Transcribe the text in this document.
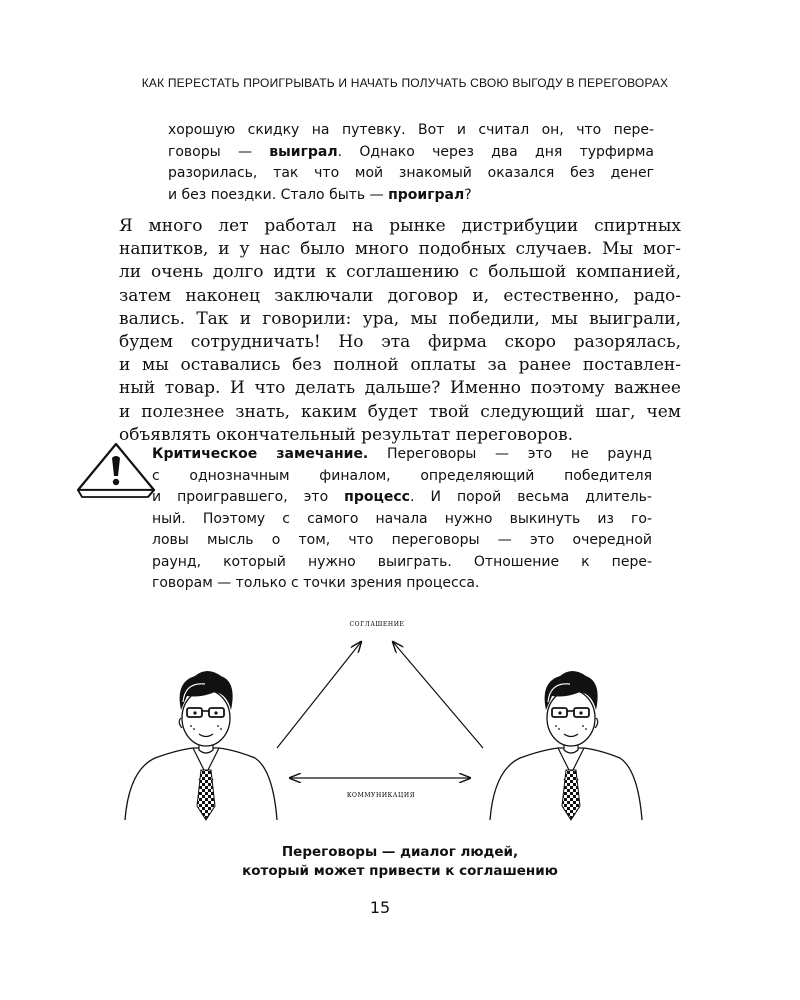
КАК ПЕРЕСТАТЬ ПРОИГРЫВАТЬ И НАЧАТЬ ПОЛУЧАТЬ СВОЮ ВЫГОДУ В ПЕРЕГОВОРАХ
хорошую скидку на путевку. Вот и считал он, что пере-
говоры — выиграл. Однако через два дня турфирма
разорилась, так что мой знакомый оказался без денег
и без поездки. Стало быть — проиграл?
Я много лет работал на рынке дистрибуции спиртных
напитков, и у нас было много подобных случаев. Мы мог-
ли очень долго идти к соглашению с большой компанией,
затем наконец заключали договор и, естественно, радо-
вались. Так и говорили: ура, мы победили, мы выиграли,
будем сотрудничать! Но эта фирма скоро разорялась,
и мы оставались без полной оплаты за ранее поставлен-
ный товар. И что делать дальше? Именно поэтому важнее
и полезнее знать, каким будет твой следующий шаг, чем
объявлять окончательный результат переговоров.
Критическое замечание. Переговоры — это не раунд
с однозначным финалом, определяющий победителя
и проигравшего, это процесс. И порой весьма длитель-
ный. Поэтому с самого начала нужно выкинуть из го-
ловы мысль о том, что переговоры — это очередной
раунд, который нужно выиграть. Отношение к пере-
говорам — только с точки зрения процесса.
соглашение
коммуникация
Переговоры — диалог людей,
который может привести к соглашению
15
